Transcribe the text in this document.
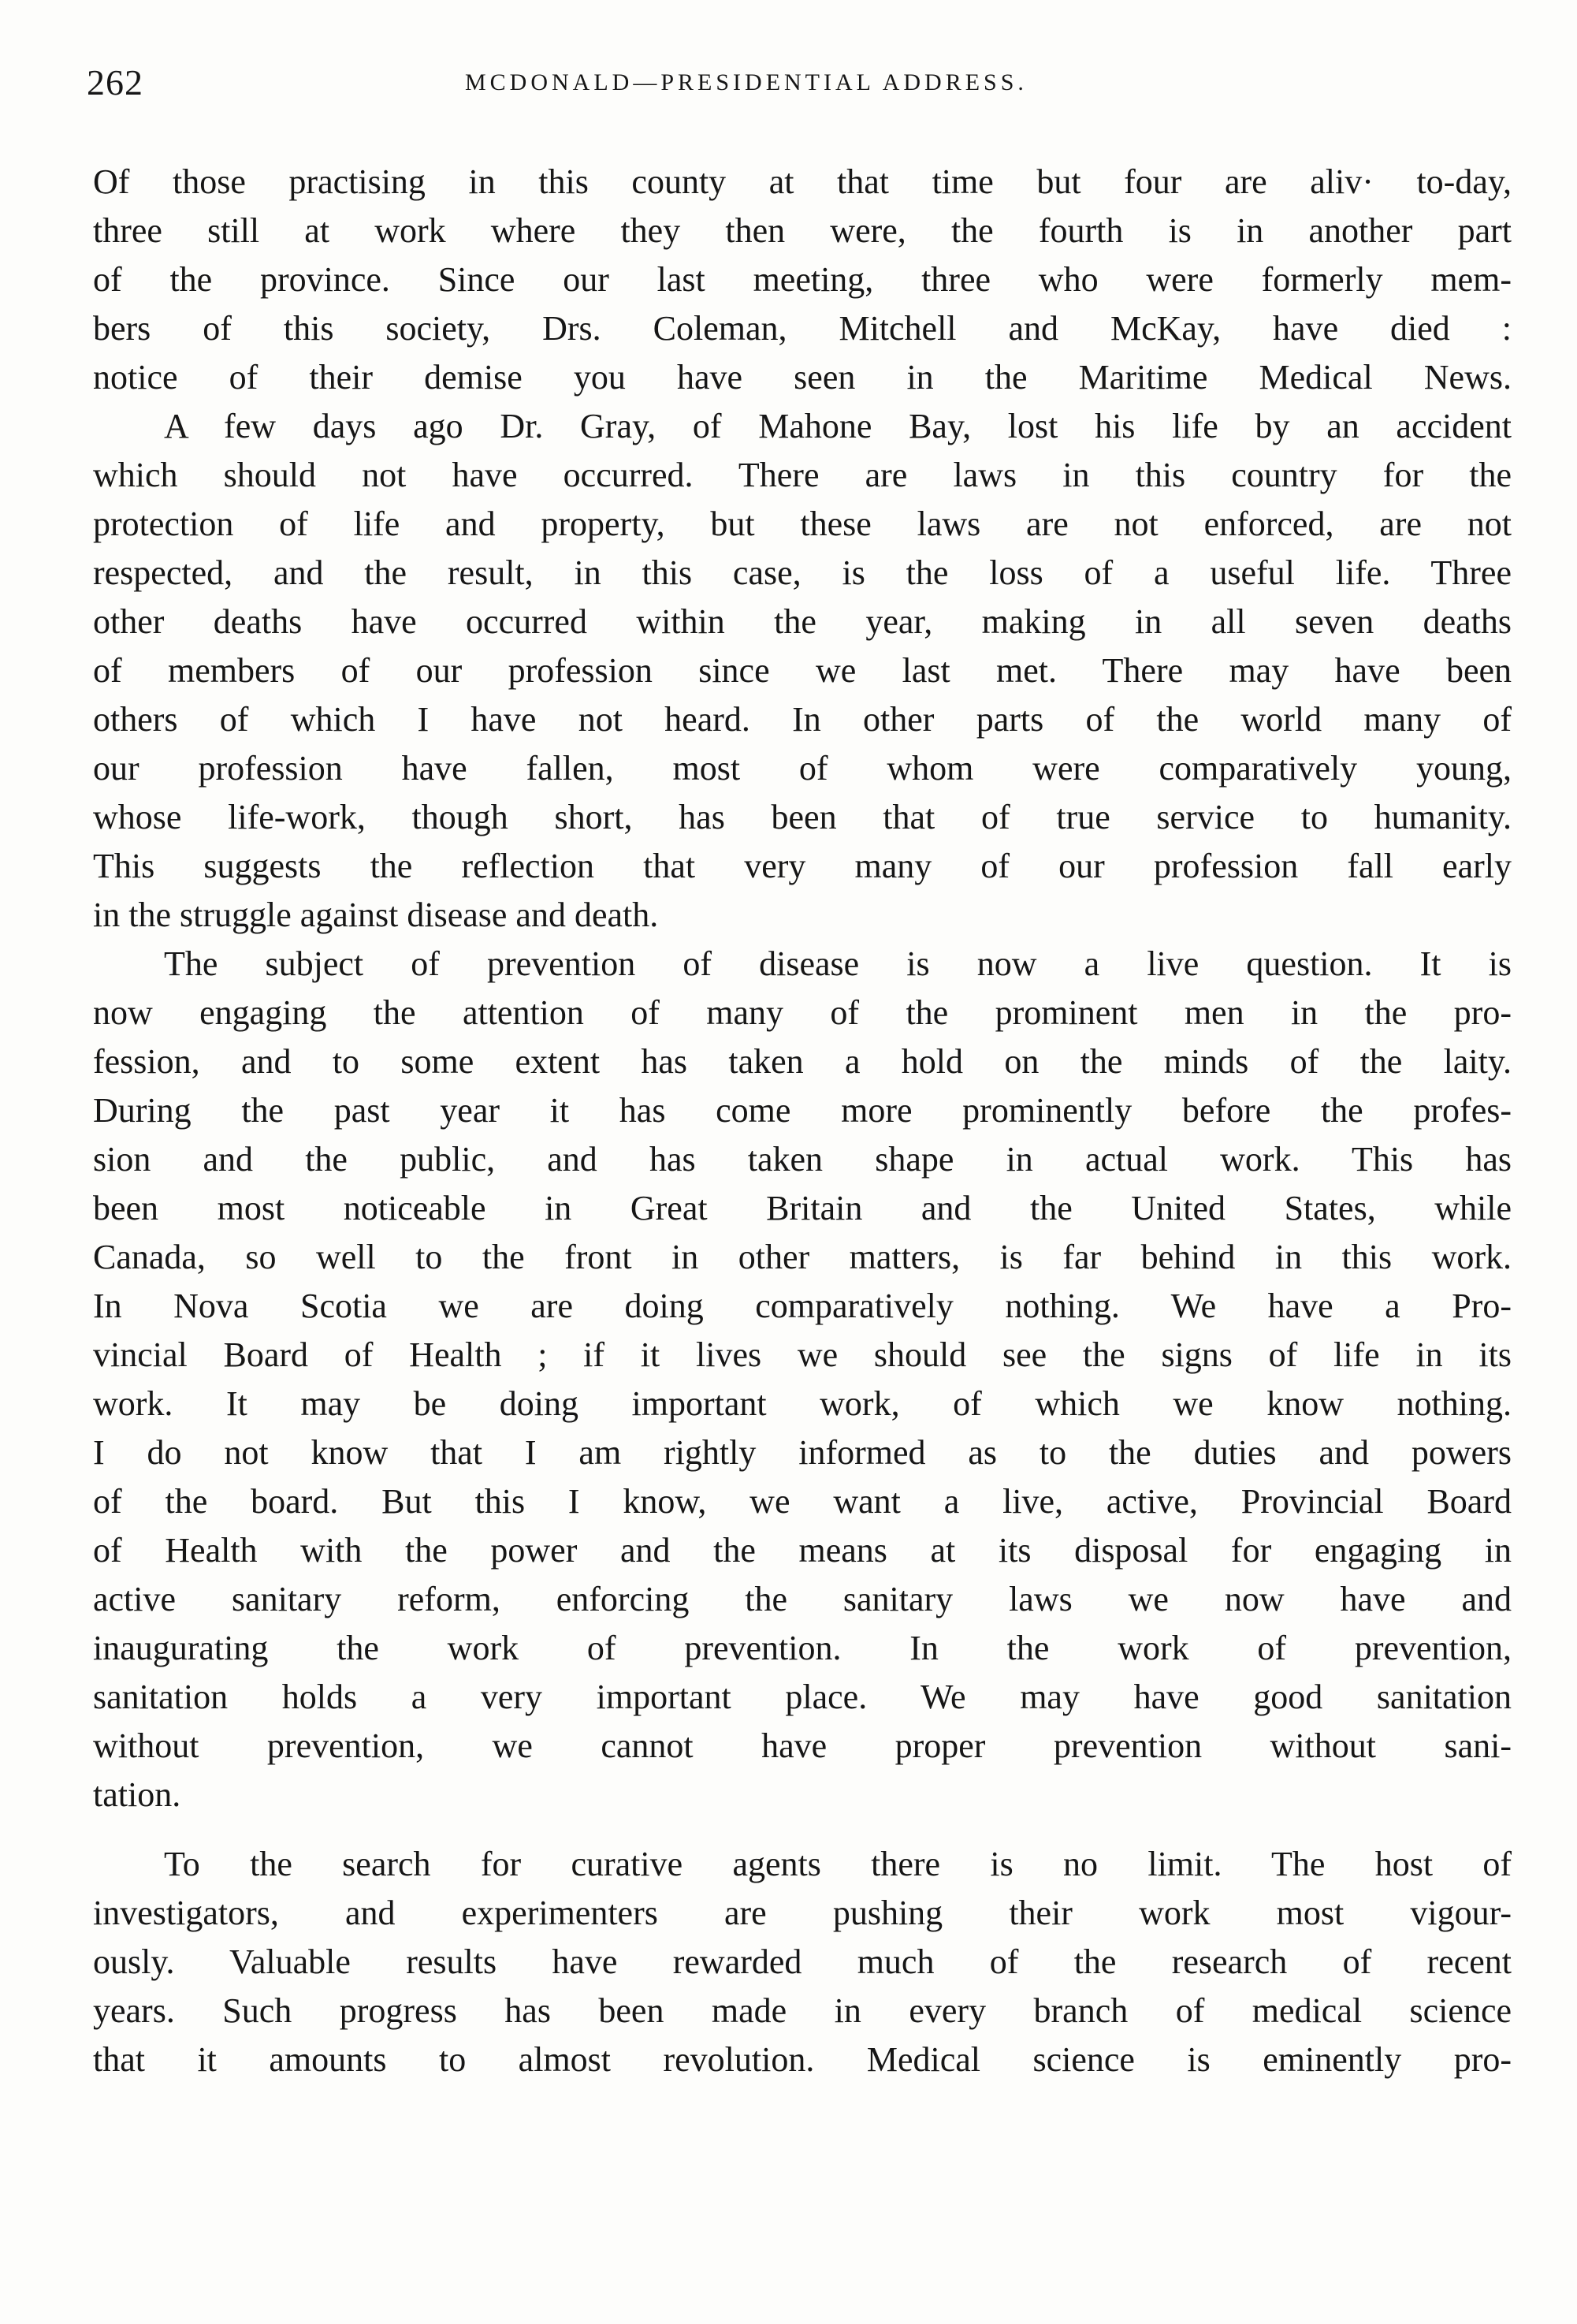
262	MCDONALD—PRESIDENTIAL ADDRESS.
Of those practising in this county at that time but four are aliv· to-day,
three still at work where they then were, the fourth is in another part
of the province. Since our last meeting, three who were formerly mem-
bers of this society, Drs. Coleman, Mitchell and McKay, have died :
notice of their demise you have seen in the Maritime Medical News.
A few days ago Dr. Gray, of Mahone Bay, lost his life by an accident
which should not have occurred. There are laws in this country for the
protection of life and property, but these laws are not enforced, are not
respected, and the result, in this case, is the loss of a useful life. Three
other deaths have occurred within the year, making in all seven deaths
of members of our profession since we last met. There may have been
others of which I have not heard. In other parts of the world many of
our profession have fallen, most of whom were comparatively young,
whose life-work, though short, has been that of true service to humanity.
This suggests the reflection that very many of our profession fall early
in the struggle against disease and death.
The subject of prevention of disease is now a live question. It is
now engaging the attention of many of the prominent men in the pro-
fession, and to some extent has taken a hold on the minds of the laity.
During the past year it has come more prominently before the profes-
sion and the public, and has taken shape in actual work. This has
been most noticeable in Great Britain and the United States, while
Canada, so well to the front in other matters, is far behind in this work.
In Nova Scotia we are doing comparatively nothing. We have a Pro-
vincial Board of Health ; if it lives we should see the signs of life in its
work. It may be doing important work, of which we know nothing.
I do not know that I am rightly informed as to the duties and powers
of the board. But this I know, we want a live, active, Provincial Board
of Health with the power and the means at its disposal for engaging in
active sanitary reform, enforcing the sanitary laws we now have and
inaugurating the work of prevention. In the work of prevention,
sanitation holds a very important place. We may have good sanitation
without prevention, we cannot have proper prevention without sani-
tation.
To the search for curative agents there is no limit. The host of
investigators, and experimenters are pushing their work most vigour-
ously. Valuable results have rewarded much of the research of recent
years. Such progress has been made in every branch of medical science
that it amounts to almost revolution. Medical science is eminently pro-
